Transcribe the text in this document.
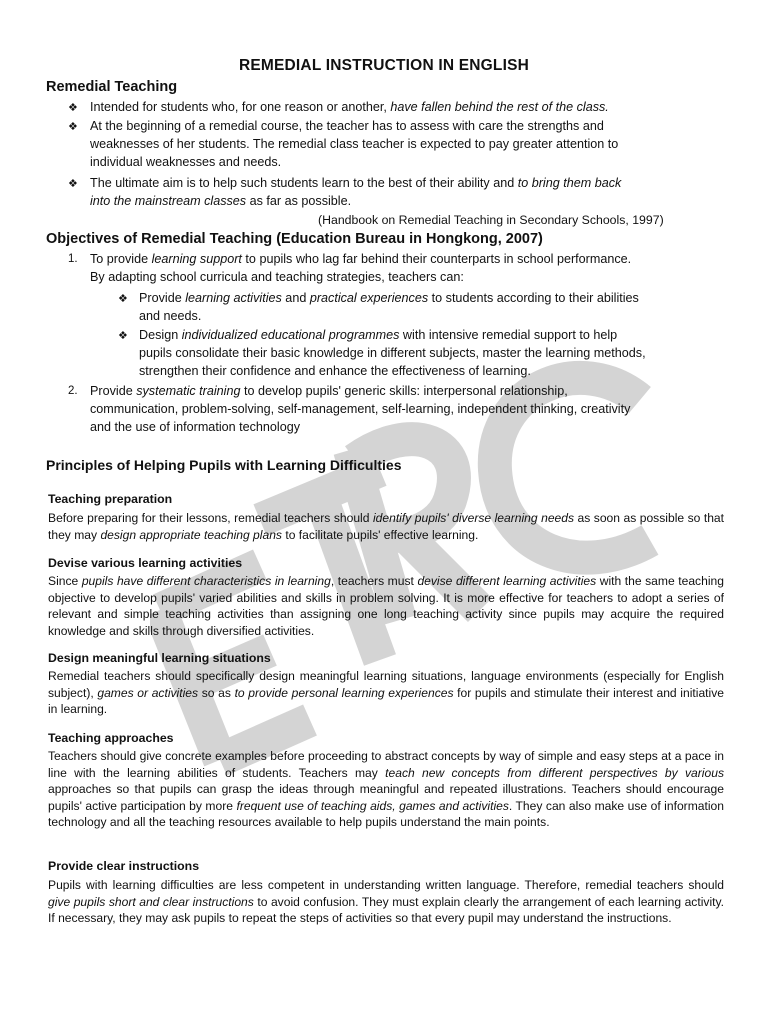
REMEDIAL INSTRUCTION IN ENGLISH
Remedial Teaching
❖ Intended for students who, for one reason or another, have fallen behind the rest of the class.
❖ At the beginning of a remedial course, the teacher has to assess with care the strengths and
weaknesses of her students. The remedial class teacher is expected to pay greater attention to
individual weaknesses and needs.
❖ The ultimate aim is to help such students learn to the best of their ability and to bring them back
into the mainstream classes as far as possible.
(Handbook on Remedial Teaching in Secondary Schools, 1997)
Objectives of Remedial Teaching (Education Bureau in Hongkong, 2007)
1. To provide learning support to pupils who lag far behind their counterparts in school performance.
By adapting school curricula and teaching strategies, teachers can:
❖ Provide learning activities and practical experiences to students according to their abilities
and needs.
❖ Design individualized educational programmes with intensive remedial support to help
pupils consolidate their basic knowledge in different subjects, master the learning methods,
strengthen their confidence and enhance the effectiveness of learning.
2. Provide systematic training to develop pupils' generic skills: interpersonal relationship,
communication, problem-solving, self-management, self-learning, independent thinking, creativity
and the use of information technology
Principles of Helping Pupils with Learning Difficulties
Teaching preparation
Before preparing for their lessons, remedial teachers should identify pupils' diverse learning needs as soon as possible so that they may design appropriate teaching plans to facilitate pupils' effective learning.
Devise various learning activities
Since pupils have different characteristics in learning, teachers must devise different learning activities with the same teaching objective to develop pupils' varied abilities and skills in problem solving. It is more effective for teachers to adopt a series of relevant and simple teaching activities than assigning one long teaching activity since pupils may acquire the required knowledge and skills through diversified activities.
Design meaningful learning situations
Remedial teachers should specifically design meaningful learning situations, language environments (especially for English subject), games or activities so as to provide personal learning experiences for pupils and stimulate their interest and initiative in learning.
Teaching approaches
Teachers should give concrete examples before proceeding to abstract concepts by way of simple and easy steps at a pace in line with the learning abilities of students. Teachers may teach new concepts from different perspectives by various approaches so that pupils can grasp the ideas through meaningful and repeated illustrations. Teachers should encourage pupils' active participation by more frequent use of teaching aids, games and activities. They can also make use of information technology and all the teaching resources available to help pupils understand the main points.
Provide clear instructions
Pupils with learning difficulties are less competent in understanding written language. Therefore, remedial teachers should give pupils short and clear instructions to avoid confusion. They must explain clearly the arrangement of each learning activity. If necessary, they may ask pupils to repeat the steps of activities so that every pupil may understand the instructions.
